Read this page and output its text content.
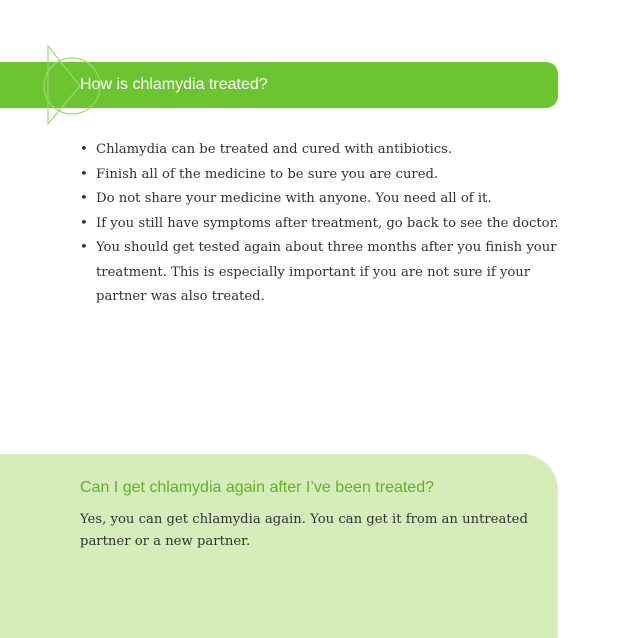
How is chlamydia treated?
• Chlamydia can be treated and cured with antibiotics.
• Finish all of the medicine to be sure you are cured.
• Do not share your medicine with anyone. You need all of it.
• If you still have symptoms after treatment, go back to see the doctor.
• You should get tested again about three months after you finish your treatment. This is especially important if you are not sure if your partner was also treated.
Can I get chlamydia again after I’ve been treated?

Yes, you can get chlamydia again. You can get it from an untreated partner or a new partner.
